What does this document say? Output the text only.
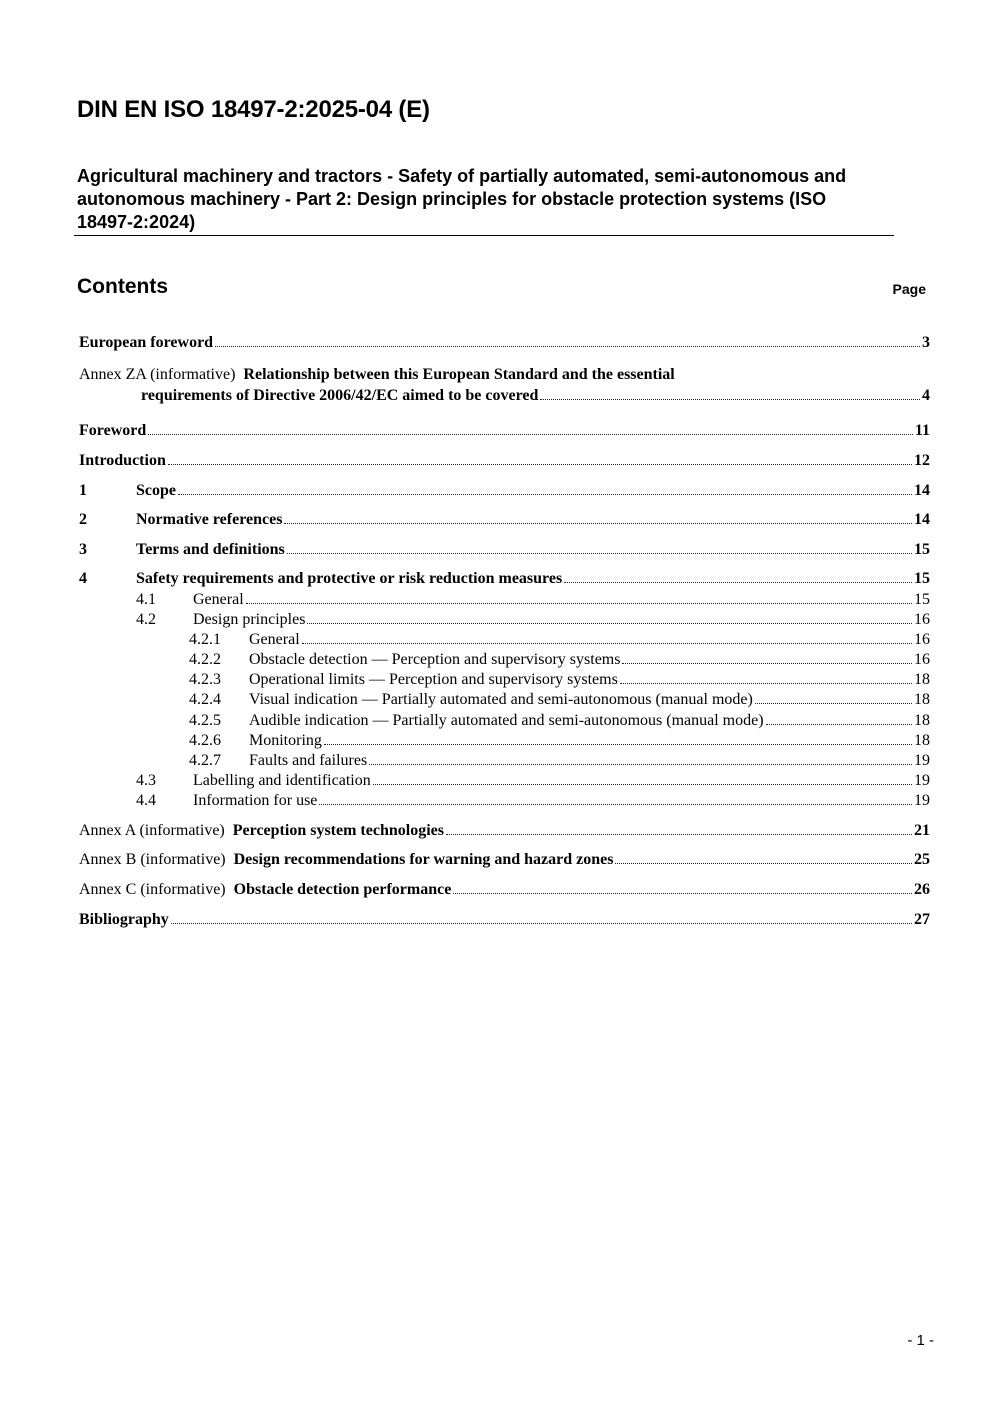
DIN EN ISO 18497-2:2025-04 (E)

Agricultural machinery and tractors - Safety of partially automated, semi-autonomous and autonomous machinery - Part 2: Design principles for obstacle protection systems (ISO 18497-2:2024)

Contents	Page
European foreword	3
Annex ZA (informative) Relationship between this European Standard and the essential
requirements of Directive 2006/42/EC aimed to be covered	4
Foreword	11
Introduction	12
1	Scope	14
2	Normative references	14
3	Terms and definitions	15
4	Safety requirements and protective or risk reduction measures	15
4.1	General	15
4.2	Design principles	16
4.2.1	General	16
4.2.2	Obstacle detection — Perception and supervisory systems	16
4.2.3	Operational limits — Perception and supervisory systems	18
4.2.4	Visual indication — Partially automated and semi-autonomous (manual mode)	18
4.2.5	Audible indication — Partially automated and semi-autonomous (manual mode)	18
4.2.6	Monitoring	18
4.2.7	Faults and failures	19
4.3	Labelling and identification	19
4.4	Information for use	19
Annex A (informative) Perception system technologies	21
Annex B (informative) Design recommendations for warning and hazard zones	25
Annex C (informative) Obstacle detection performance	26
Bibliography	27
- 1 -
